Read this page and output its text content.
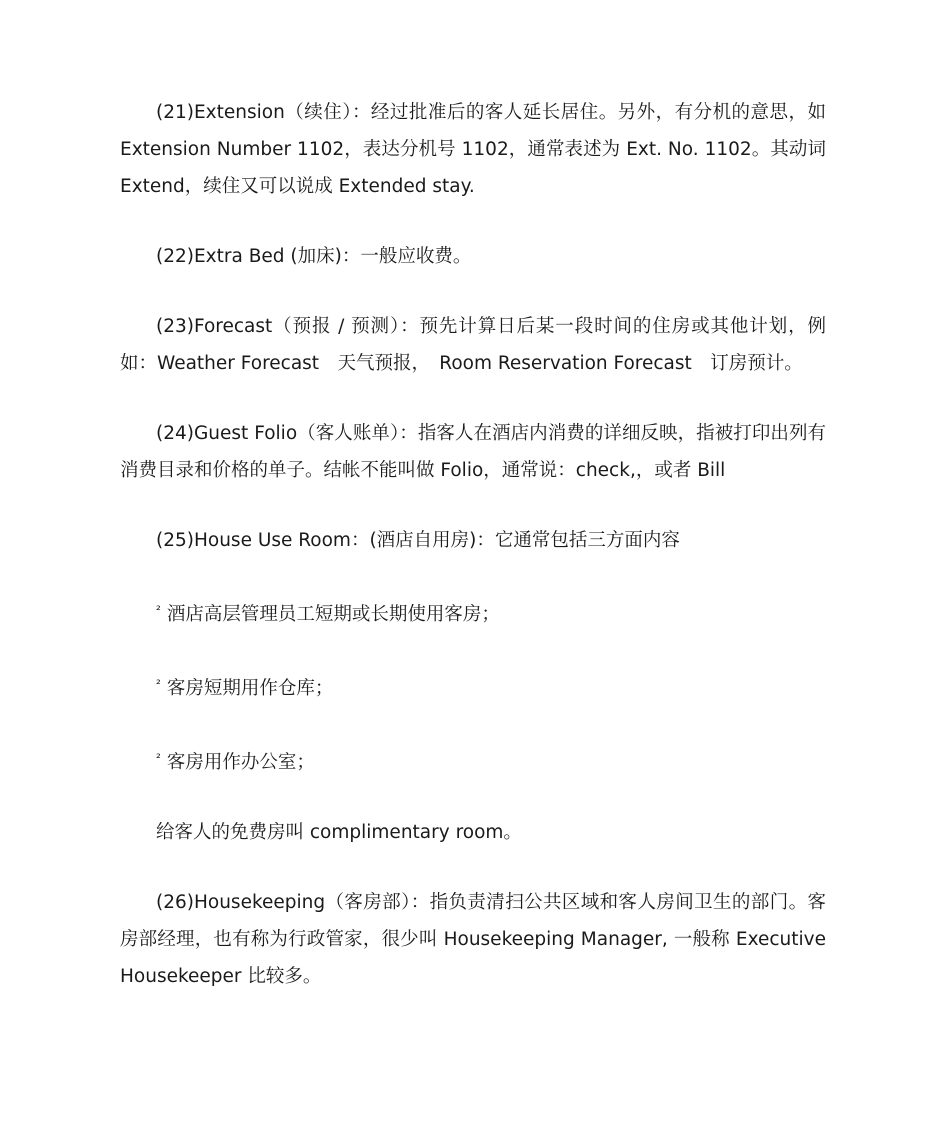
(21)Extension（续住）：经过批准后的客人延长居住。另外，有分机的意思，如 Extension Number 1102，表达分机号 1102，通常表述为 Ext. No. 1102。其动词 Extend，续住又可以说成 Extended stay.

(22)Extra Bed (加床)：一般应收费。

(23)Forecast（预报 / 预测）：预先计算日后某一段时间的住房或其他计划，例如：Weather Forecast　天气预报，　Room Reservation Forecast　订房预计。

(24)Guest Folio（客人账单）：指客人在酒店内消费的详细反映，指被打印出列有消费目录和价格的单子。结帐不能叫做 Folio，通常说：check,，或者 Bill

(25)House Use Room：(酒店自用房)：它通常包括三方面内容

$^{^2}$ 酒店高层管理员工短期或长期使用客房；
$^{^2}$ 客房短期用作仓库；
$^{^2}$ 客房用作办公室；

给客人的免费房叫 complimentary room。

(26)Housekeeping（客房部）：指负责清扫公共区域和客人房间卫生的部门。客房部经理，也有称为行政管家，很少叫 Housekeeping Manager, 一般称 Executive Housekeeper 比较多。
